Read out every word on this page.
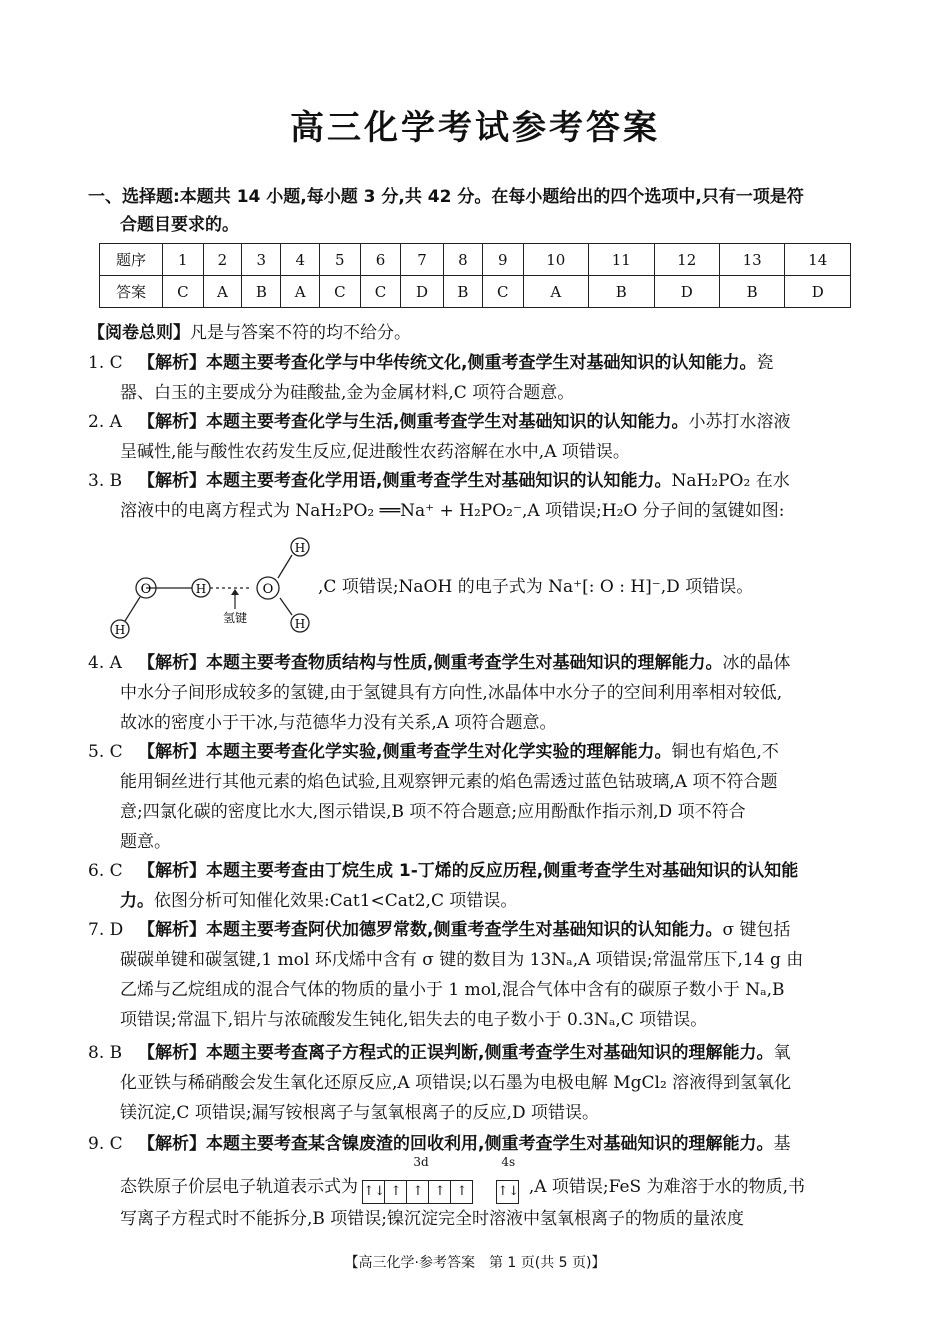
高三化学考试参考答案
一、选择题:本题共 14 小题,每小题 3 分,共 42 分。在每小题给出的四个选项中,只有一项是符
合题目要求的。
题序	1	2	3	4	5	6	7	8	9	10	11	12	13	14
答案	C	A	B	A	C	C	D	B	C	A	B	D	B	D
【阅卷总则】凡是与答案不符的均不给分。
1. C 【解析】本题主要考查化学与中华传统文化,侧重考查学生对基础知识的认知能力。瓷
器、白玉的主要成分为硅酸盐,金为金属材料,C 项符合题意。
2. A 【解析】本题主要考查化学与生活,侧重考查学生对基础知识的认知能力。小苏打水溶液
呈碱性,能与酸性农药发生反应,促进酸性农药溶解在水中,A 项错误。
3. B 【解析】本题主要考查化学用语,侧重考查学生对基础知识的认知能力。NaH₂PO₂ 在水
溶液中的电离方程式为 NaH₂PO₂ ══Na⁺ + H₂PO₂⁻,A 项错误;H₂O 分子间的氢键如图:
O	H	O
H
H
H
氢键
,C 项错误;NaOH 的电子式为 Na⁺[: O : H]⁻,D 项错误。
4. A 【解析】本题主要考查物质结构与性质,侧重考查学生对基础知识的理解能力。冰的晶体
中水分子间形成较多的氢键,由于氢键具有方向性,冰晶体中水分子的空间利用率相对较低,
故冰的密度小于干冰,与范德华力没有关系,A 项符合题意。
5. C 【解析】本题主要考查化学实验,侧重考查学生对化学实验的理解能力。铜也有焰色,不
能用铜丝进行其他元素的焰色试验,且观察钾元素的焰色需透过蓝色钴玻璃,A 项不符合题
意;四氯化碳的密度比水大,图示错误,B 项不符合题意;应用酚酞作指示剂,D 项不符合
题意。
6. C 【解析】本题主要考查由丁烷生成 1-丁烯的反应历程,侧重考查学生对基础知识的认知能
力。依图分析可知催化效果:Cat1<Cat2,C 项错误。
7. D 【解析】本题主要考查阿伏加德罗常数,侧重考查学生对基础知识的认知能力。σ 键包括
碳碳单键和碳氢键,1 mol 环戊烯中含有 σ 键的数目为 13Nₐ,A 项错误;常温常压下,14 g 由
乙烯与乙烷组成的混合气体的物质的量小于 1 mol,混合气体中含有的碳原子数小于 Nₐ,B
项错误;常温下,铝片与浓硫酸发生钝化,铝失去的电子数小于 0.3Nₐ,C 项错误。
8. B 【解析】本题主要考查离子方程式的正误判断,侧重考查学生对基础知识的理解能力。氧
化亚铁与稀硝酸会发生氧化还原反应,A 项错误;以石墨为电极电解 MgCl₂ 溶液得到氢氧化
镁沉淀,C 项错误;漏写铵根离子与氢氧根离子的反应,D 项错误。
9. C 【解析】本题主要考查某含镍废渣的回收利用,侧重考查学生对基础知识的理解能力。基
态铁原子价层电子轨道表示式为
3d	4s
↑↓ ↑ ↑ ↑ ↑	↑↓ ,A 项错误;FeS 为难溶于水的物质,书
写离子方程式时不能拆分,B 项错误;镍沉淀完全时溶液中氢氧根离子的物质的量浓度
【高三化学·参考答案　第 1 页(共 5 页)】
